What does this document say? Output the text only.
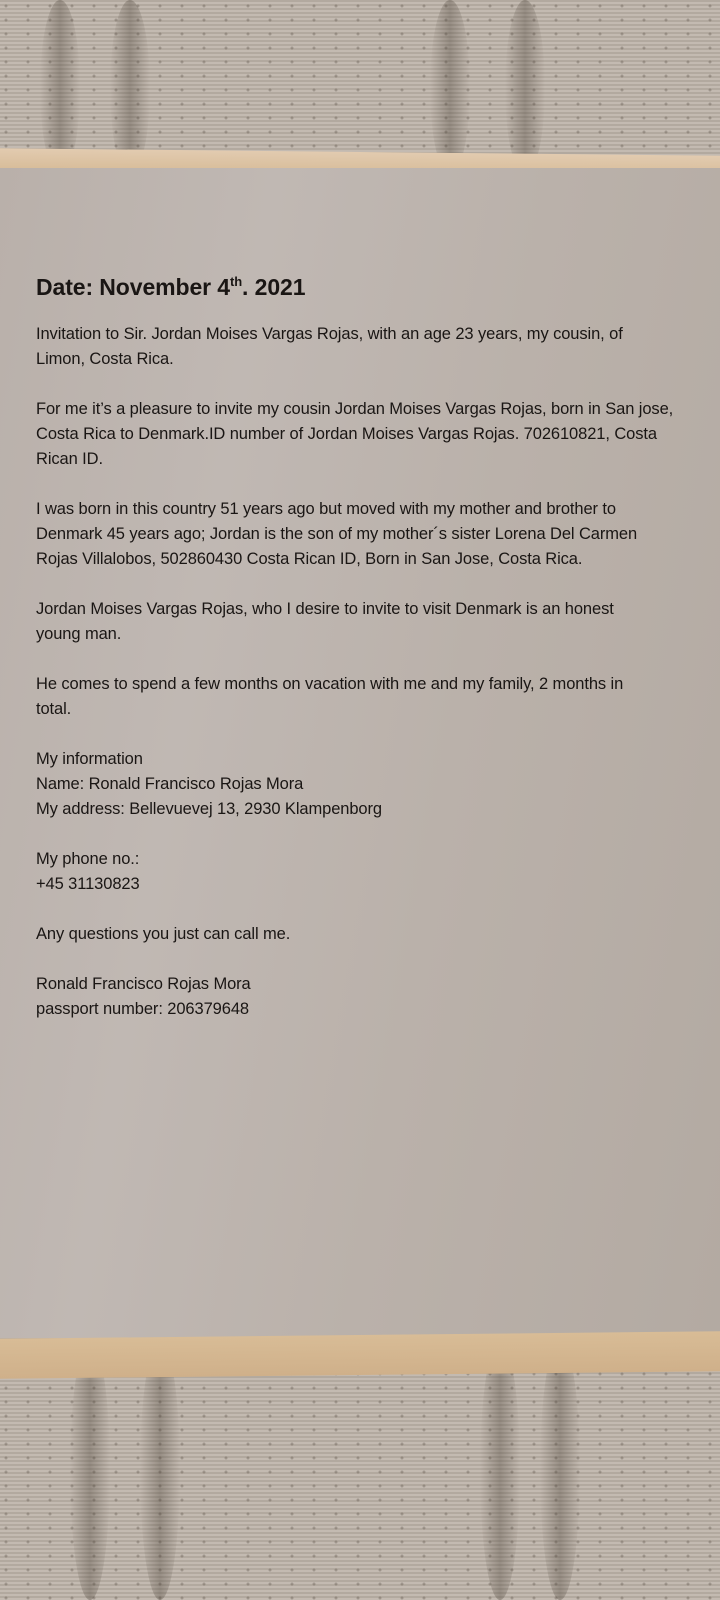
Date: November 4th. 2021

Invitation to Sir. Jordan Moises Vargas Rojas, with an age 23 years, my cousin, of Limon, Costa Rica.

For me it’s a pleasure to invite my cousin Jordan Moises Vargas Rojas, born in San jose, Costa Rica to Denmark.ID number of Jordan Moises Vargas Rojas. 702610821, Costa Rican ID.

I was born in this country 51 years ago but moved with my mother and brother to Denmark 45 years ago; Jordan is the son of my mother´s sister Lorena Del Carmen Rojas Villalobos, 502860430 Costa Rican ID, Born in San Jose, Costa Rica.

Jordan Moises Vargas Rojas, who I desire to invite to visit Denmark is an honest young man.

He comes to spend a few months on vacation with me and my family, 2 months in total.

My information
Name: Ronald Francisco Rojas Mora
My address: Bellevuevej 13, 2930 Klampenborg
My phone no.:
+45 31130823

Any questions you just can call me.

Ronald Francisco Rojas Mora
passport number: 206379648
